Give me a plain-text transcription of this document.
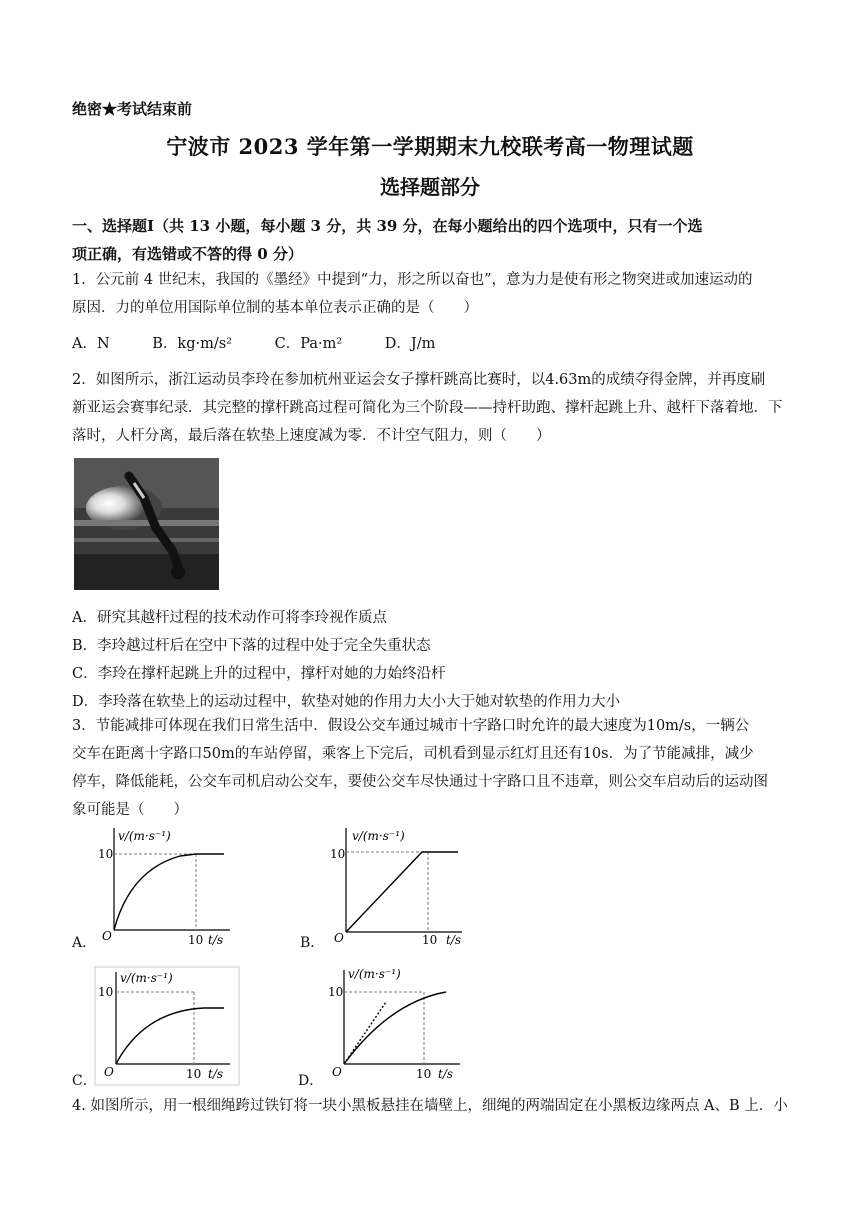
绝密★考试结束前
宁波市 2023 学年第一学期期末九校联考高一物理试题
选择题部分
一、选择题Ⅰ（共 13 小题，每小题 3 分，共 39 分，在每小题给出的四个选项中，只有一个选
项正确，有选错或不答的得 0 分）
1．公元前 4 世纪末，我国的《墨经》中提到“力，形之所以奋也”，意为力是使有形之物突进或加速运动的
原因．力的单位用国际单位制的基本单位表示正确的是（　　）
A．N	B．kg·m/s²	C．Pa·m²	D．J/m
2．如图所示，浙江运动员李玲在参加杭州亚运会女子撑杆跳高比赛时，以4.63m的成绩夺得金牌，并再度刷
新亚运会赛事纪录．其完整的撑杆跳高过程可简化为三个阶段——持杆助跑、撑杆起跳上升、越杆下落着地．下
落时，人杆分离，最后落在软垫上速度减为零．不计空气阻力，则（　　）
A．研究其越杆过程的技术动作可将李玲视作质点
B．李玲越过杆后在空中下落的过程中处于完全失重状态
C．李玲在撑杆起跳上升的过程中，撑杆对她的力始终沿杆
D．李玲落在软垫上的运动过程中，软垫对她的作用力大小大于她对软垫的作用力大小
3．节能减排可体现在我们日常生活中．假设公交车通过城市十字路口时允许的最大速度为10m/s，一辆公
交车在距离十字路口50m的车站停留，乘客上下完后，司机看到显示红灯且还有10s．为了节能减排，减少
停车，降低能耗，公交车司机启动公交车，要使公交车尽快通过十字路口且不违章，则公交车启动后的运动图
象可能是（　　）
A．
v/(m·s⁻¹)
10
O	10 t/s	B．
v/(m·s⁻¹)
10
O	10 t/s
C．
v/(m·s⁻¹)
10
O	10 t/s	D．
v/(m·s⁻¹)
10
O	10 t/s
4. 如图所示，用一根细绳跨过铁钉将一块小黑板悬挂在墙壁上，细绳的两端固定在小黑板边缘两点 A、B 上．小
